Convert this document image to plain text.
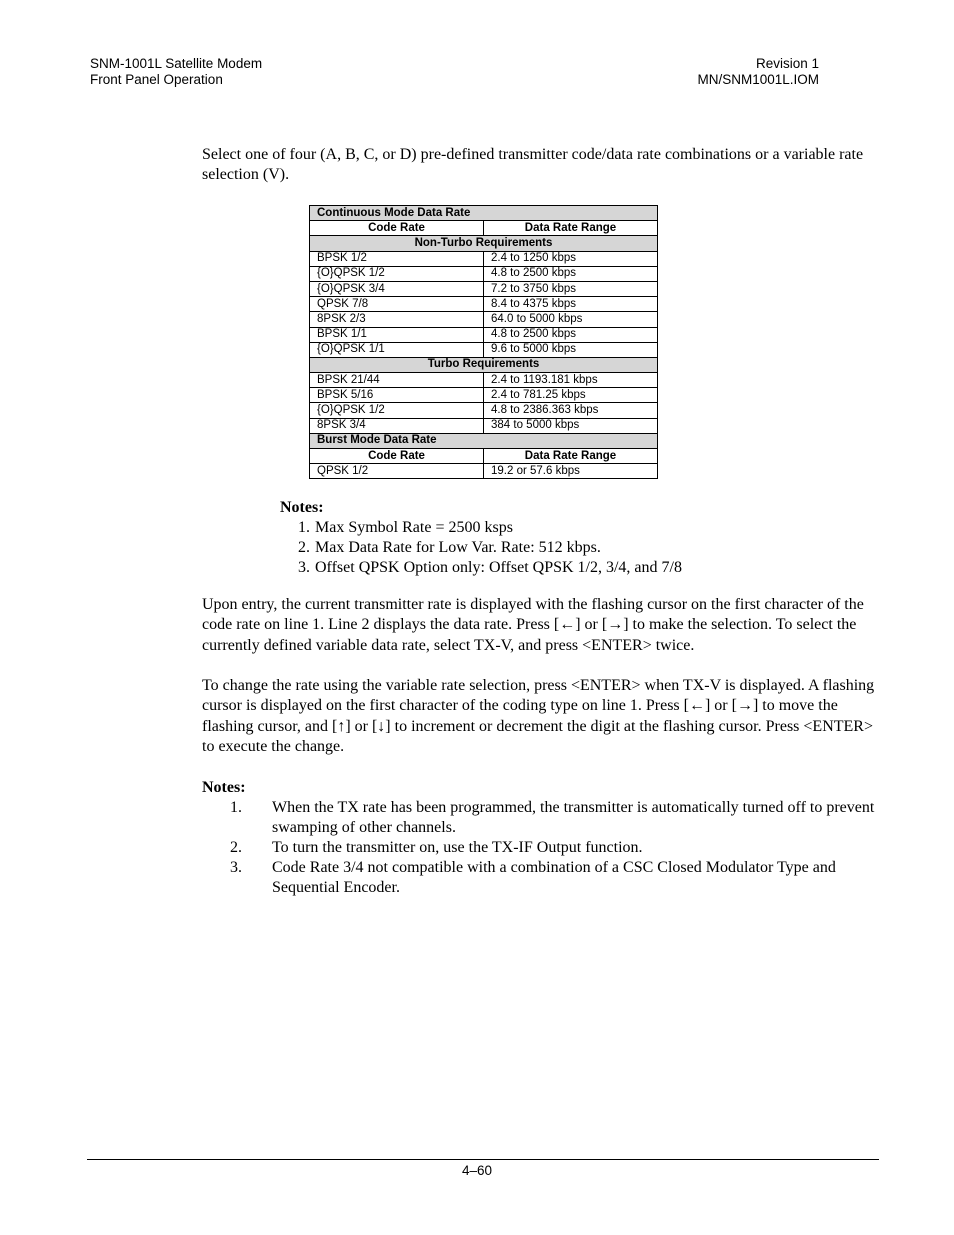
SNM-1001L Satellite Modem
Front Panel Operation
Revision 1
MN/SNM1001L.IOM

Select one of four (A, B, C, or D) pre-defined transmitter code/data rate combinations or a variable rate selection (V).

Continuous Mode Data Rate	
Code Rate	Data Rate Range
Non-Turbo Requirements	
BPSK 1/2	2.4 to 1250 kbps
{O}QPSK 1/2	4.8 to 2500 kbps
{O}QPSK 3/4	7.2 to 3750 kbps
QPSK 7/8	8.4 to 4375 kbps
8PSK 2/3	64.0 to 5000 kbps
BPSK 1/1	4.8 to 2500 kbps
{O}QPSK 1/1	9.6 to 5000 kbps
Turbo Requirements	
BPSK 21/44	2.4 to 1193.181 kbps
BPSK 5/16	2.4 to 781.25 kbps
{O}QPSK 1/2	4.8 to 2386.363 kbps
8PSK 3/4	384 to 5000 kbps
Burst Mode Data Rate	
Code Rate	Data Rate Range
QPSK 1/2	19.2 or 57.6 kbps
Notes:
1. Max Symbol Rate = 2500 ksps
2. Max Data Rate for Low Var. Rate: 512 kbps.
3. Offset QPSK Option only: Offset QPSK 1/2, 3/4, and 7/8

Upon entry, the current transmitter rate is displayed with the flashing cursor on the first character of the code rate on line 1. Line 2 displays the data rate. Press [←] or [→] to make the selection. To select the currently defined variable data rate, select TX-V, and press <ENTER> twice.

To change the rate using the variable rate selection, press <ENTER> when TX-V is displayed. A flashing cursor is displayed on the first character of the coding type on line 1. Press [←] or [→] to move the flashing cursor, and [↑] or [↓] to increment or decrement the digit at the flashing cursor. Press <ENTER> to execute the change.

Notes:
1.	When the TX rate has been programmed, the transmitter is automatically turned off to prevent swamping of other channels.
2.	To turn the transmitter on, use the TX-IF Output function.
3.	Code Rate 3/4 not compatible with a combination of a CSC Closed Modulator Type and Sequential Encoder.
4–60
